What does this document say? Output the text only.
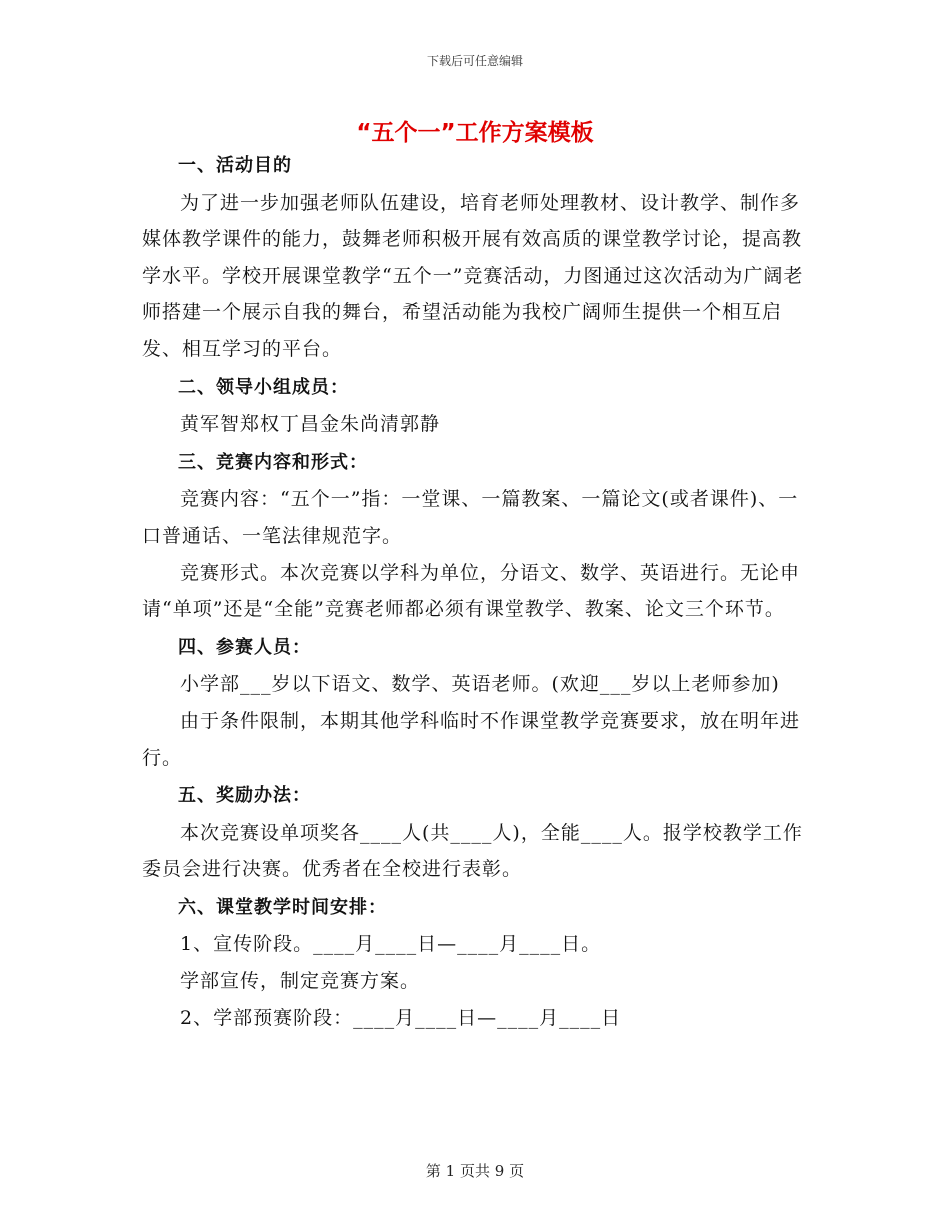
下载后可任意编辑
“五个一”工作方案模板

一、活动目的

为了进一步加强老师队伍建设，培育老师处理教材、设计教学、制作多媒体教学课件的能力，鼓舞老师积极开展有效高质的课堂教学讨论，提高教学水平。学校开展课堂教学“五个一”竞赛活动，力图通过这次活动为广阔老师搭建一个展示自我的舞台，希望活动能为我校广阔师生提供一个相互启发、相互学习的平台。

二、领导小组成员：

黄军智郑权丁昌金朱尚清郭静

三、竞赛内容和形式：

竞赛内容：“五个一”指：一堂课、一篇教案、一篇论文(或者课件)、一口普通话、一笔法律规范字。

竞赛形式。本次竞赛以学科为单位，分语文、数学、英语进行。无论申请“单项”还是“全能”竞赛老师都必须有课堂教学、教案、论文三个环节。

四、参赛人员：

小学部___岁以下语文、数学、英语老师。(欢迎___岁以上老师参加)

由于条件限制，本期其他学科临时不作课堂教学竞赛要求，放在明年进行。

五、奖励办法：

本次竞赛设单项奖各____人(共____人)，全能____人。报学校教学工作委员会进行决赛。优秀者在全校进行表彰。

六、课堂教学时间安排：

1、宣传阶段。____月____日—____月____日。

学部宣传，制定竞赛方案。

2、学部预赛阶段：____月____日—____月____日

第 1 页共 9 页
